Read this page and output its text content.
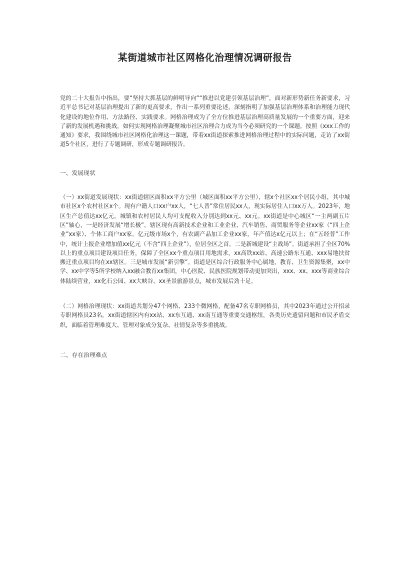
某街道城市社区网格化治理情况调研报告

党的二十大报告中指出，要“坚持大抓基层的鲜明导向”“推进以党建引领基层治理”，面对新形势新任务新要求，习近平总书记对基层治理提出了新的更高要求，作出一系列重要论述，深刻指明了加强基层治理体系和治理能力现代化建设的地位作用、方法路径、实践要求。网格治理成为了全方位推进基层治理高质量发展的一个重要方面，迎来了新的发展机遇和挑战。如何实现网格治理凝聚城市社区治理合力成为当今必须研究的一个课题。按照《xxx工作的通知》要求，我围绕城市社区网格化治理这一课题，带着xx街道探索推进网格治理过程中的实际问题，走访了xx街道5个社区，进行了专题调研，形成专题调研报告。

一、发展现状

（一）xx街道发展现状：xx街道辖区面积xx平方公里（城区面积xx平方公里），辖x个社区xx个居民小组，其中城市社区x个农村社区x个。现有户籍人口xx户xx人，“七人普”常住居民xx人，现实际居住人口xx万人。2023年，地区生产总值达xx亿元。城镇和农村居民人均可支配收入分别达到xx元、xx元。xx街道是中心城区“一主两副五片区”轴心，一是经济发展“增长极”。辖区现有高新技术企业和工业企业、汽车销售、商贸服务等企业xx家（“四上企业”xx家）、个体工商户xx家。亿元级市场x个，有农副产品加工企业xx家，年产值达x亿元以上；在“五经普”工作中，统计上报企业增加值xx亿元（不含“四上企业”），位居全区之首。二是新城建设“主战场”。街道承担了全区70%以上的重点项目建设项目任务，保障了全区xx个重点项目用地需求，xx高铁xx站、高速公路东互通、xxx易地扶贫搬迁重点项目均在xx辖区。三是城市发展“新引擎”。街道是区综合行政服务中心属地，教育、卫生资源集聚，xx中学、xx中学等5所学校纳入xx融合教育xx集团，中心医院、民族医院规划带动更加突出，xxx、xx、xxx等商业综合体陆续营业，xx化石公园、xx大峡谷、xx圣景旅游景点，城市发展后劲十足。

（二）网格治理现状：xx街道共划分47个网格、233个微网格，配备47名专职网格员，其中2023年通过公开招录专职网格员23名。xx街道辖区内有xx站、xx东互通、xx南互通等重要交通枢纽，各类历史遗留问题和市民矛盾交织，面临着管理难度大、管理对象成分复杂、社情复杂等多重挑战。

二、存在治理难点
